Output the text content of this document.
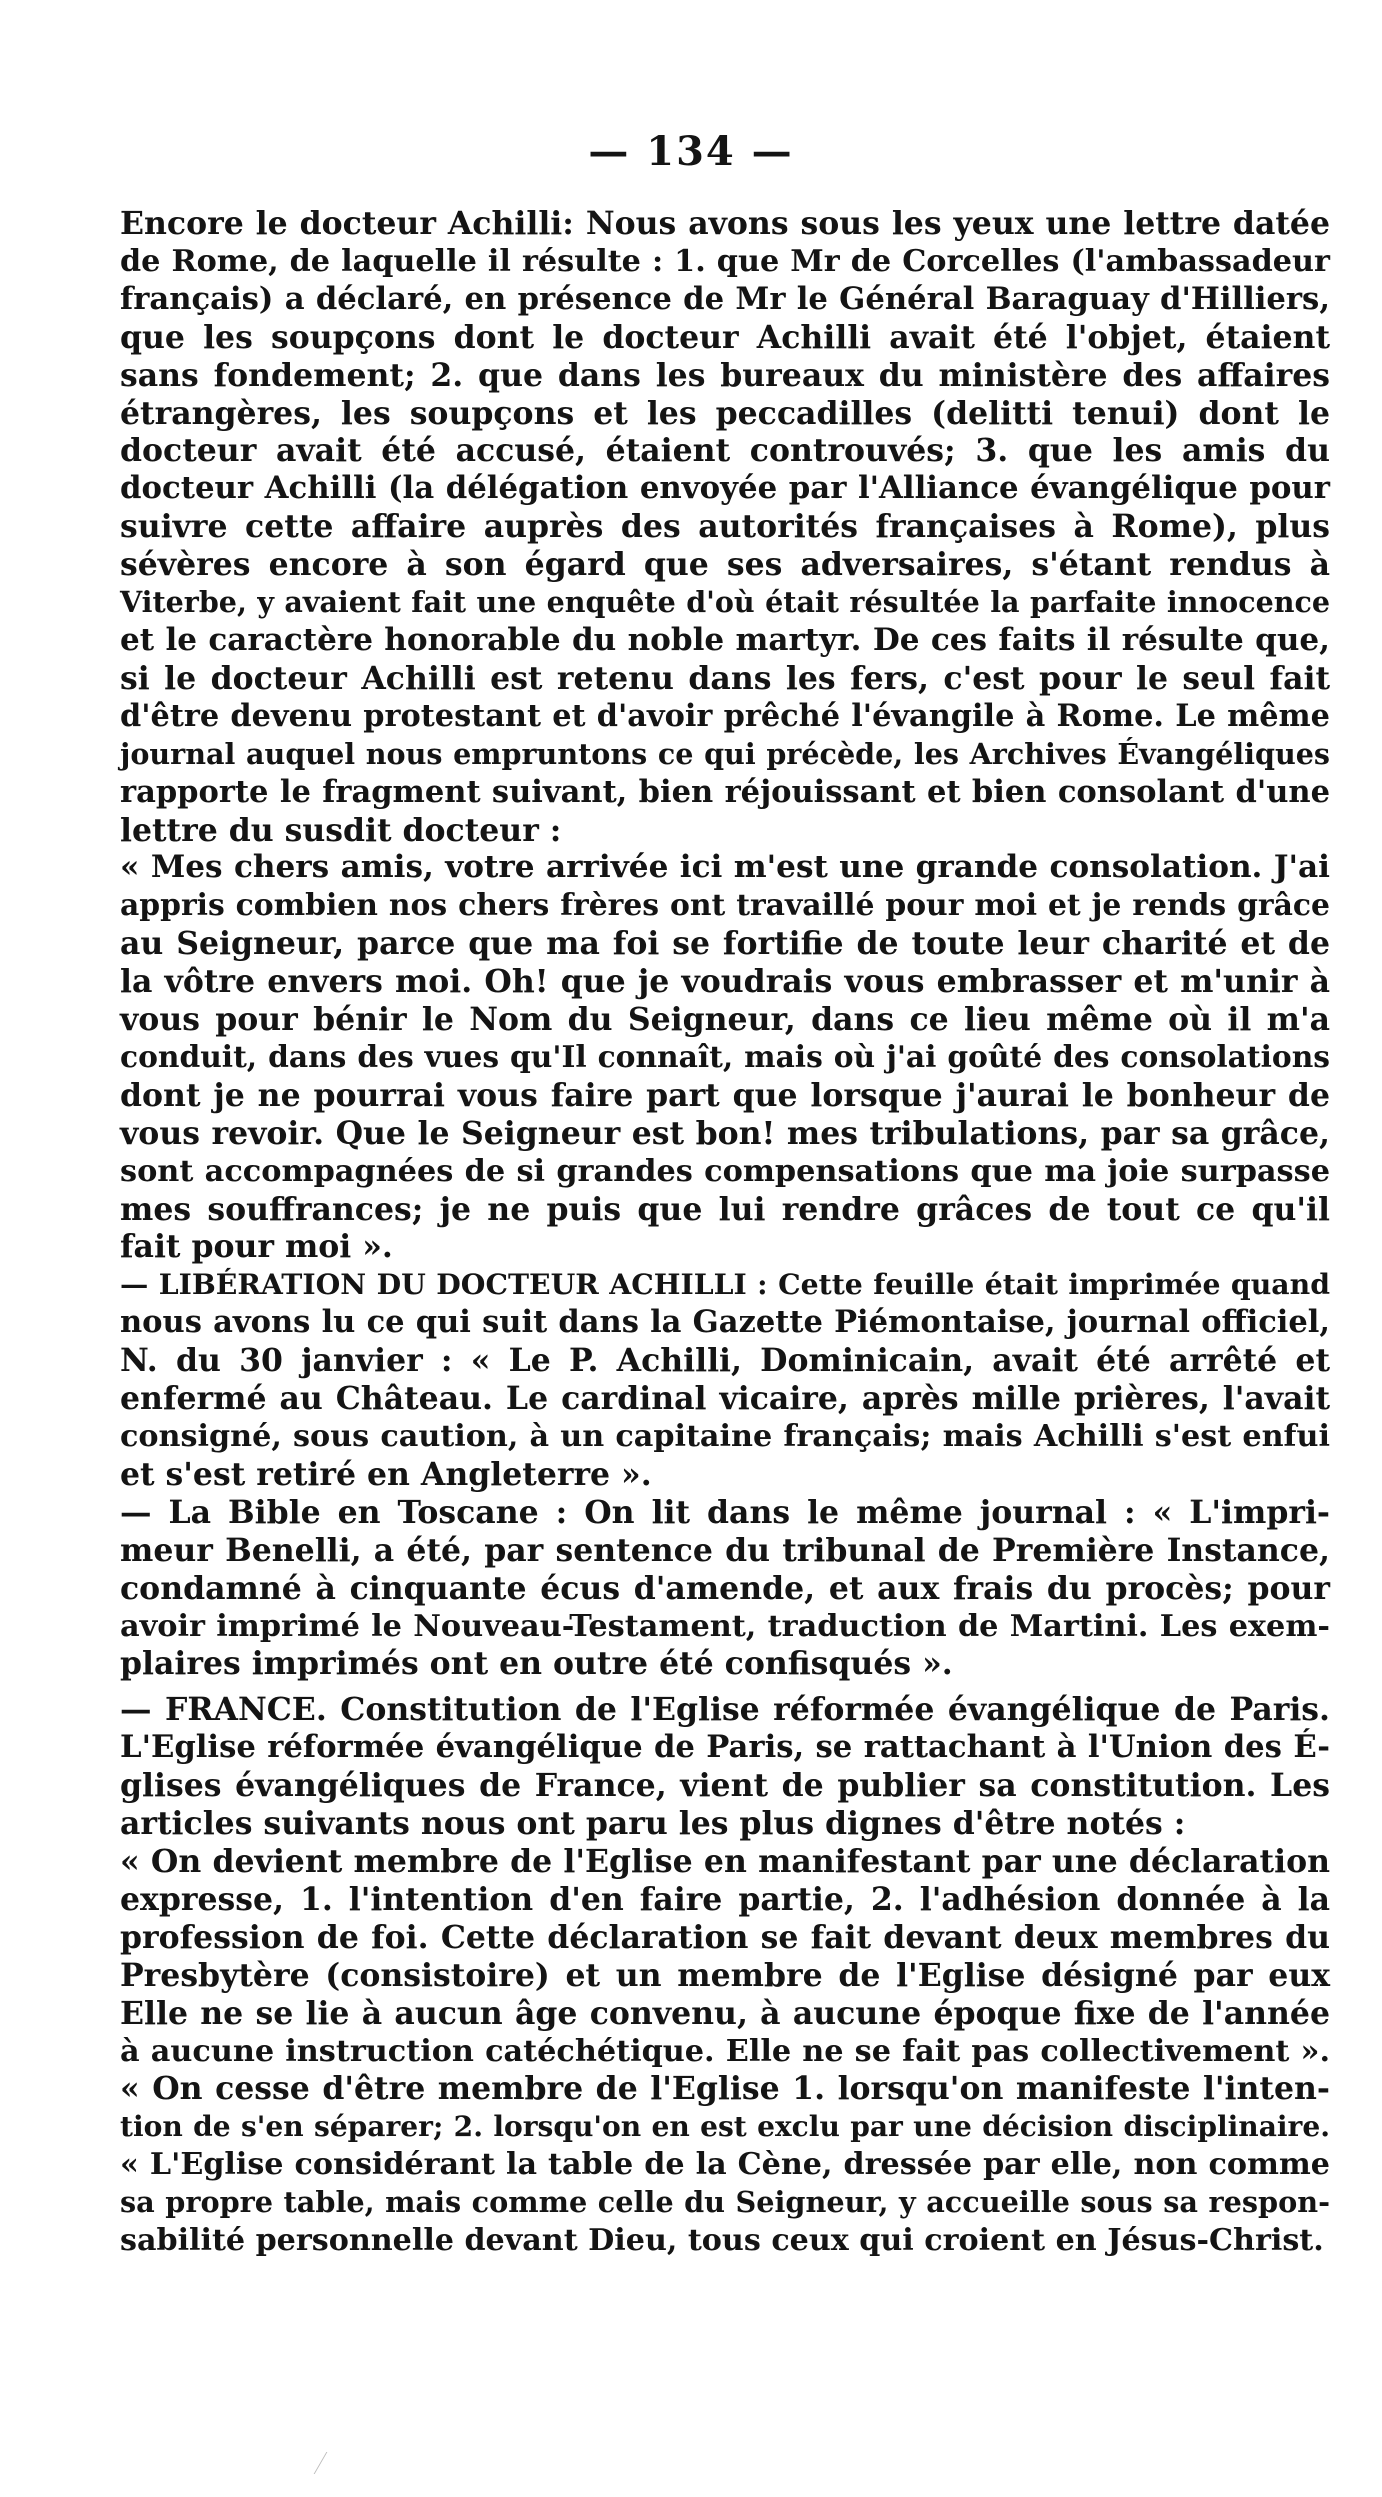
— 134 —
Encore le docteur Achilli: Nous avons sous les yeux une lettre datée
de Rome, de laquelle il résulte : 1. que Mr de Corcelles (l'ambassadeur
français) a déclaré, en présence de Mr le Général Baraguay d'Hilliers,
que les soupçons dont le docteur Achilli avait été l'objet, étaient
sans fondement; 2. que dans les bureaux du ministère des affaires
étrangères, les soupçons et les peccadilles (delitti tenui) dont le
docteur avait été accusé, étaient controuvés; 3. que les amis du
docteur Achilli (la délégation envoyée par l'Alliance évangélique pour
suivre cette affaire auprès des autorités françaises à Rome), plus
sévères encore à son égard que ses adversaires, s'étant rendus à
Viterbe, y avaient fait une enquête d'où était résultée la parfaite innocence
et le caractère honorable du noble martyr. De ces faits il résulte que,
si le docteur Achilli est retenu dans les fers, c'est pour le seul fait
d'être devenu protestant et d'avoir prêché l'évangile à Rome. Le même
journal auquel nous empruntons ce qui précède, les Archives Évangéliques
rapporte le fragment suivant, bien réjouissant et bien consolant d'une
lettre du susdit docteur :
« Mes chers amis, votre arrivée ici m'est une grande consolation. J'ai
appris combien nos chers frères ont travaillé pour moi et je rends grâce
au Seigneur, parce que ma foi se fortifie de toute leur charité et de
la vôtre envers moi. Oh! que je voudrais vous embrasser et m'unir à
vous pour bénir le Nom du Seigneur, dans ce lieu même où il m'a
conduit, dans des vues qu'Il connaît, mais où j'ai goûté des consolations
dont je ne pourrai vous faire part que lorsque j'aurai le bonheur de
vous revoir. Que le Seigneur est bon! mes tribulations, par sa grâce,
sont accompagnées de si grandes compensations que ma joie surpasse
mes souffrances; je ne puis que lui rendre grâces de tout ce qu'il
fait pour moi ».
— LIBÉRATION DU DOCTEUR ACHILLI : Cette feuille était imprimée quand
nous avons lu ce qui suit dans la Gazette Piémontaise, journal officiel,
N. du 30 janvier : « Le P. Achilli, Dominicain, avait été arrêté et
enfermé au Château. Le cardinal vicaire, après mille prières, l'avait
consigné, sous caution, à un capitaine français; mais Achilli s'est enfui
et s'est retiré en Angleterre ».
— La Bible en Toscane : On lit dans le même journal : « L'impri-
meur Benelli, a été, par sentence du tribunal de Première Instance,
condamné à cinquante écus d'amende, et aux frais du procès; pour
avoir imprimé le Nouveau-Testament, traduction de Martini. Les exem-
plaires imprimés ont en outre été confisqués ».
— FRANCE. Constitution de l'Eglise réformée évangélique de Paris.
L'Eglise réformée évangélique de Paris, se rattachant à l'Union des É-
glises évangéliques de France, vient de publier sa constitution. Les
articles suivants nous ont paru les plus dignes d'être notés :
« On devient membre de l'Eglise en manifestant par une déclaration
expresse, 1. l'intention d'en faire partie, 2. l'adhésion donnée à la
profession de foi. Cette déclaration se fait devant deux membres du
Presbytère (consistoire) et un membre de l'Eglise désigné par eux
Elle ne se lie à aucun âge convenu, à aucune époque fixe de l'année
à aucune instruction catéchétique. Elle ne se fait pas collectivement ».
« On cesse d'être membre de l'Eglise 1. lorsqu'on manifeste l'inten-
tion de s'en séparer; 2. lorsqu'on en est exclu par une décision disciplinaire.
« L'Eglise considérant la table de la Cène, dressée par elle, non comme
sa propre table, mais comme celle du Seigneur, y accueille sous sa respon-
sabilité personnelle devant Dieu, tous ceux qui croient en Jésus-Christ.
